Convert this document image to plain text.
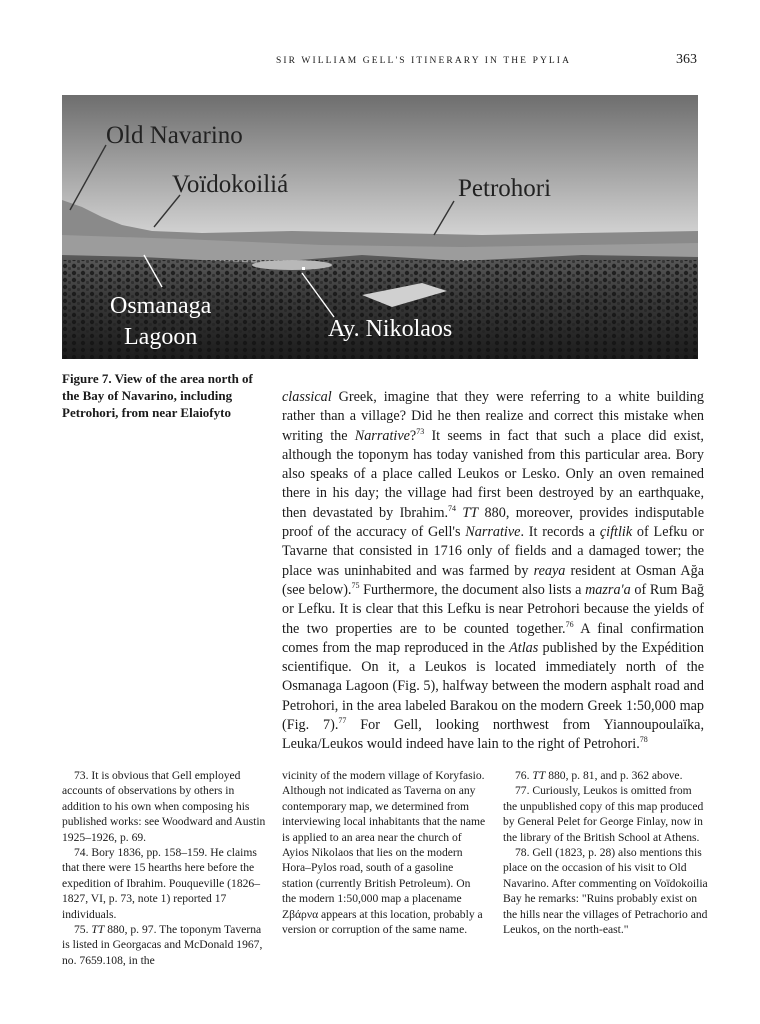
SIR WILLIAM GELL'S ITINERARY IN THE PYLIA	363
Old Navarino
Voïdokoiliá	Petrohori
Osmanaga
Lagoon	Ay. Nikolaos
Figure 7. View of the area north of the Bay of Navarino, including Petrohori, from near Elaiofyto
classical Greek, imagine that they were referring to a white building rather than a village? Did he then realize and correct this mistake when writing the Narrative?$^{73}$ It seems in fact that such a place did exist, although the toponym has today vanished from this particular area. Bory also speaks of a place called Leukos or Lesko. Only an oven remained there in his day; the village had first been destroyed by an earthquake, then devastated by Ibrahim.$^{74}$ TT 880, moreover, provides indisputable proof of the accuracy of Gell's Narrative. It records a çiftlik of Lefku or Tavarne that consisted in 1716 only of fields and a damaged tower; the place was uninhabited and was farmed by reaya resident at Osman Ağa (see below).$^{75}$ Furthermore, the document also lists a mazra'a of Rum Bağ or Lefku. It is clear that this Lefku is near Petrohori because the yields of the two properties are to be counted together.$^{76}$ A final confirmation comes from the map reproduced in the Atlas published by the Expédition scientifique. On it, a Leukos is located immediately north of the Osmanaga Lagoon (Fig. 5), halfway between the modern asphalt road and Petrohori, in the area labeled Barakou on the modern Greek 1:50,000 map (Fig. 7).$^{77}$ For Gell, looking northwest from Yiannoupoulaïka, Leuka/Leukos would indeed have lain to the right of Petrohori.$^{78}$

73. It is obvious that Gell employed accounts of observations by others in addition to his own when composing his published works: see Woodward and Austin 1925–1926, p. 69.

74. Bory 1836, pp. 158–159. He claims that there were 15 hearths here before the expedition of Ibrahim. Pouqueville (1826–1827, VI, p. 73, note 1) reported 17 individuals.

75. TT 880, p. 97. The toponym Taverna is listed in Georgacas and McDonald 1967, no. 7659.108, in the

vicinity of the modern village of Koryfasio. Although not indicated as Taverna on any contemporary map, we determined from interviewing local inhabitants that the name is applied to an area near the church of Ayios Nikolaos that lies on the modern Hora–Pylos road, south of a gasoline station (currently British Petroleum). On the modern 1:50,000 map a placename Ζβάρνα appears at this location, probably a version or corruption of the same name.

76. TT 880, p. 81, and p. 362 above.

77. Curiously, Leukos is omitted from the unpublished copy of this map produced by General Pelet for George Finlay, now in the library of the British School at Athens.

78. Gell (1823, p. 28) also mentions this place on the occasion of his visit to Old Navarino. After commenting on Voïdokoilia Bay he remarks: "Ruins probably exist on the hills near the villages of Petrachorio and Leukos, on the north-east."
